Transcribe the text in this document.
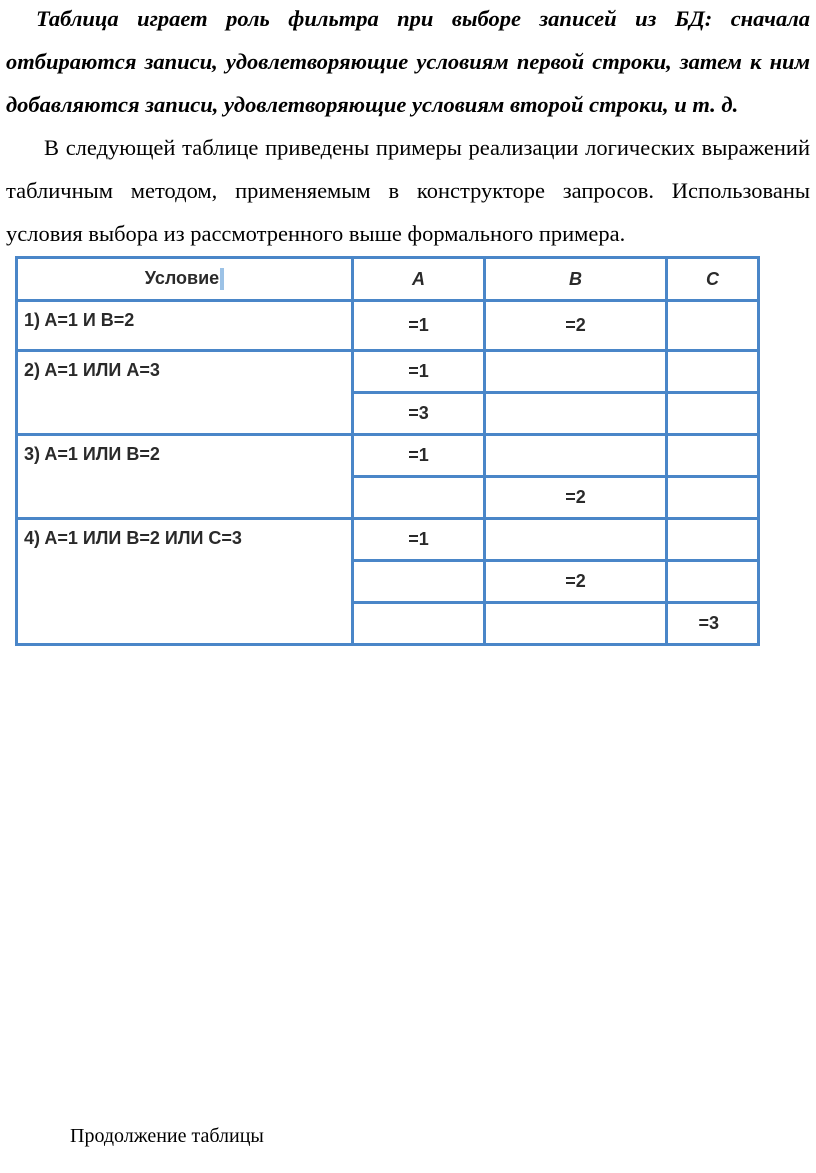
Таблица играет роль фильтра при выборе записей из БД: сначала отбираются записи, удовлетворяющие условиям первой строки, затем к ним добавляются записи, удовлетворяющие условиям второй строки, и т. д.

В следующей таблице приведены примеры реализации логических выражений табличным методом, применяемым в конструкторе запросов. Использованы условия выбора из рассмотренного выше формального примера.

Условие	A	B	C
1) A=1 И B=2	=1	=2	
2) A=1 ИЛИ A=3	=1		
	=3		
3) A=1 ИЛИ B=2	=1		
		=2	
4) A=1 ИЛИ B=2 ИЛИ C=3	=1		
		=2	
			=3

Продолжение таблицы
